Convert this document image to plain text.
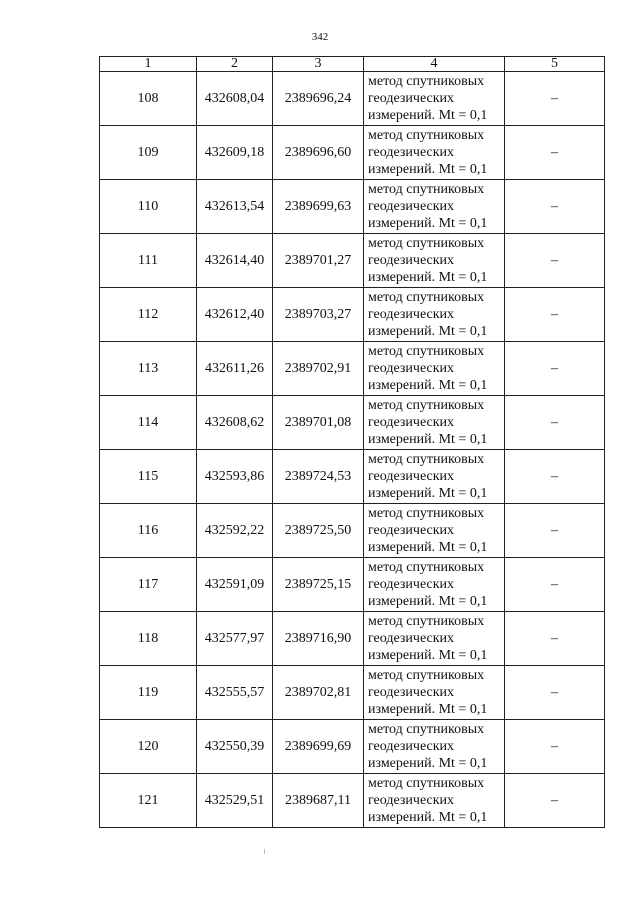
342
1	2	3	4	5
108	432608,04	2389696,24	метод спутниковых
геодезических
измерений. Mt = 0,1	–
109	432609,18	2389696,60	метод спутниковых
геодезических
измерений. Mt = 0,1	–
110	432613,54	2389699,63	метод спутниковых
геодезических
измерений. Mt = 0,1	–
111	432614,40	2389701,27	метод спутниковых
геодезических
измерений. Mt = 0,1	–
112	432612,40	2389703,27	метод спутниковых
геодезических
измерений. Mt = 0,1	–
113	432611,26	2389702,91	метод спутниковых
геодезических
измерений. Mt = 0,1	–
114	432608,62	2389701,08	метод спутниковых
геодезических
измерений. Mt = 0,1	–
115	432593,86	2389724,53	метод спутниковых
геодезических
измерений. Mt = 0,1	–
116	432592,22	2389725,50	метод спутниковых
геодезических
измерений. Mt = 0,1	–
117	432591,09	2389725,15	метод спутниковых
геодезических
измерений. Mt = 0,1	–
118	432577,97	2389716,90	метод спутниковых
геодезических
измерений. Mt = 0,1	–
119	432555,57	2389702,81	метод спутниковых
геодезических
измерений. Mt = 0,1	–
120	432550,39	2389699,69	метод спутниковых
геодезических
измерений. Mt = 0,1	–
121	432529,51	2389687,11	метод спутниковых
геодезических
измерений. Mt = 0,1	–
